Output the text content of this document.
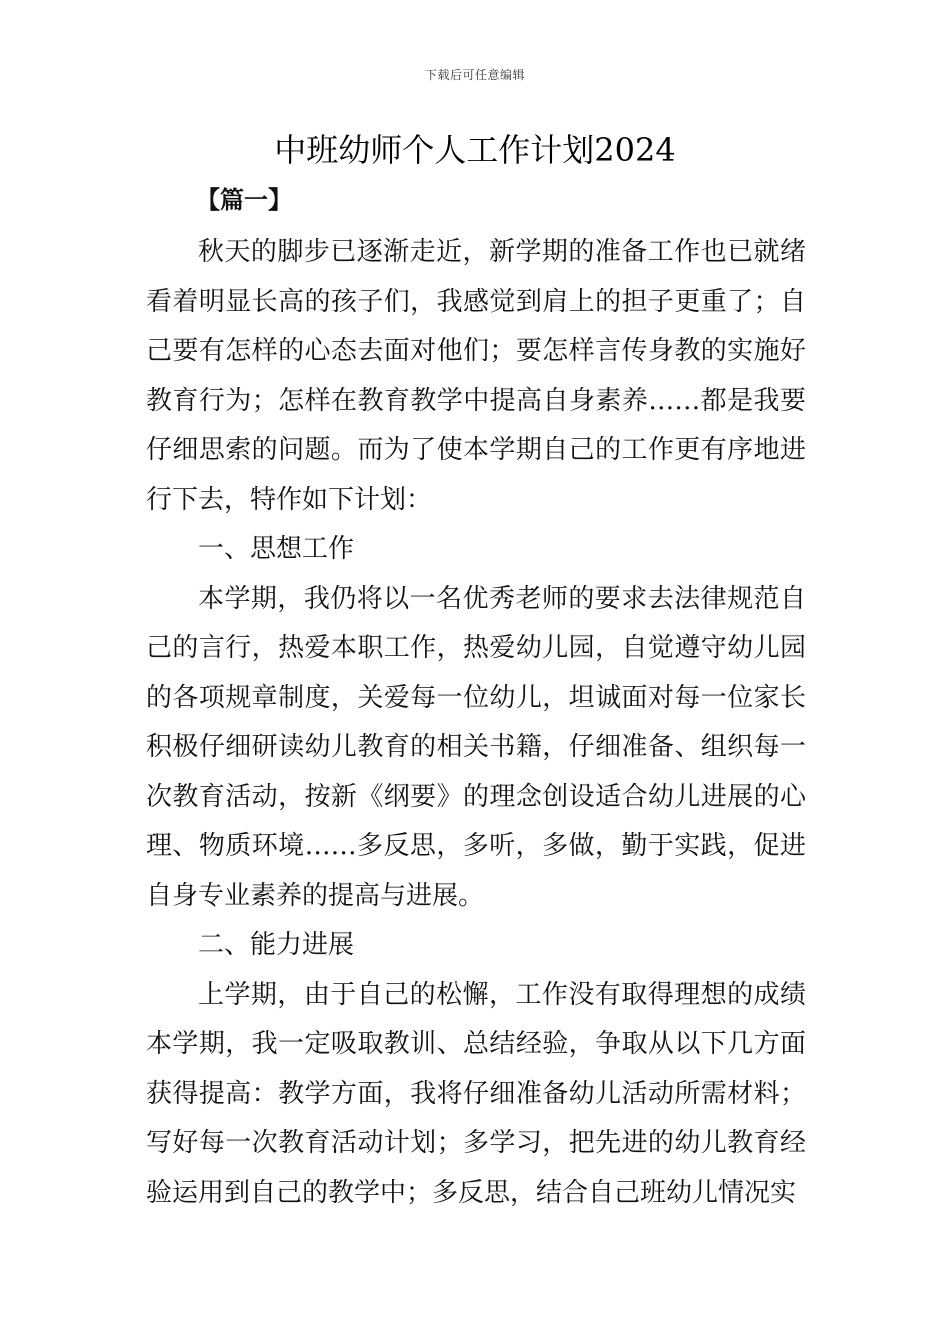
下载后可任意编辑
中班幼师个人工作计划2024
【篇一】

秋天的脚步已逐渐走近，新学期的准备工作也已就绪看着明显长高的孩子们，我感觉到肩上的担子更重了；自己要有怎样的心态去面对他们；要怎样言传身教的实施好教育行为；怎样在教育教学中提高自身素养……都是我要仔细思索的问题。而为了使本学期自己的工作更有序地进行下去，特作如下计划：

一、思想工作

本学期，我仍将以一名优秀老师的要求去法律规范自己的言行，热爱本职工作，热爱幼儿园，自觉遵守幼儿园的各项规章制度，关爱每一位幼儿，坦诚面对每一位家长积极仔细研读幼儿教育的相关书籍，仔细准备、组织每一次教育活动，按新《纲要》的理念创设适合幼儿进展的心理、物质环境……多反思，多听，多做，勤于实践，促进自身专业素养的提高与进展。

二、能力进展

上学期，由于自己的松懈，工作没有取得理想的成绩本学期，我一定吸取教训、总结经验，争取从以下几方面获得提高：教学方面，我将仔细准备幼儿活动所需材料；写好每一次教育活动计划；多学习，把先进的幼儿教育经验运用到自己的教学中；多反思，结合自己班幼儿情况实
